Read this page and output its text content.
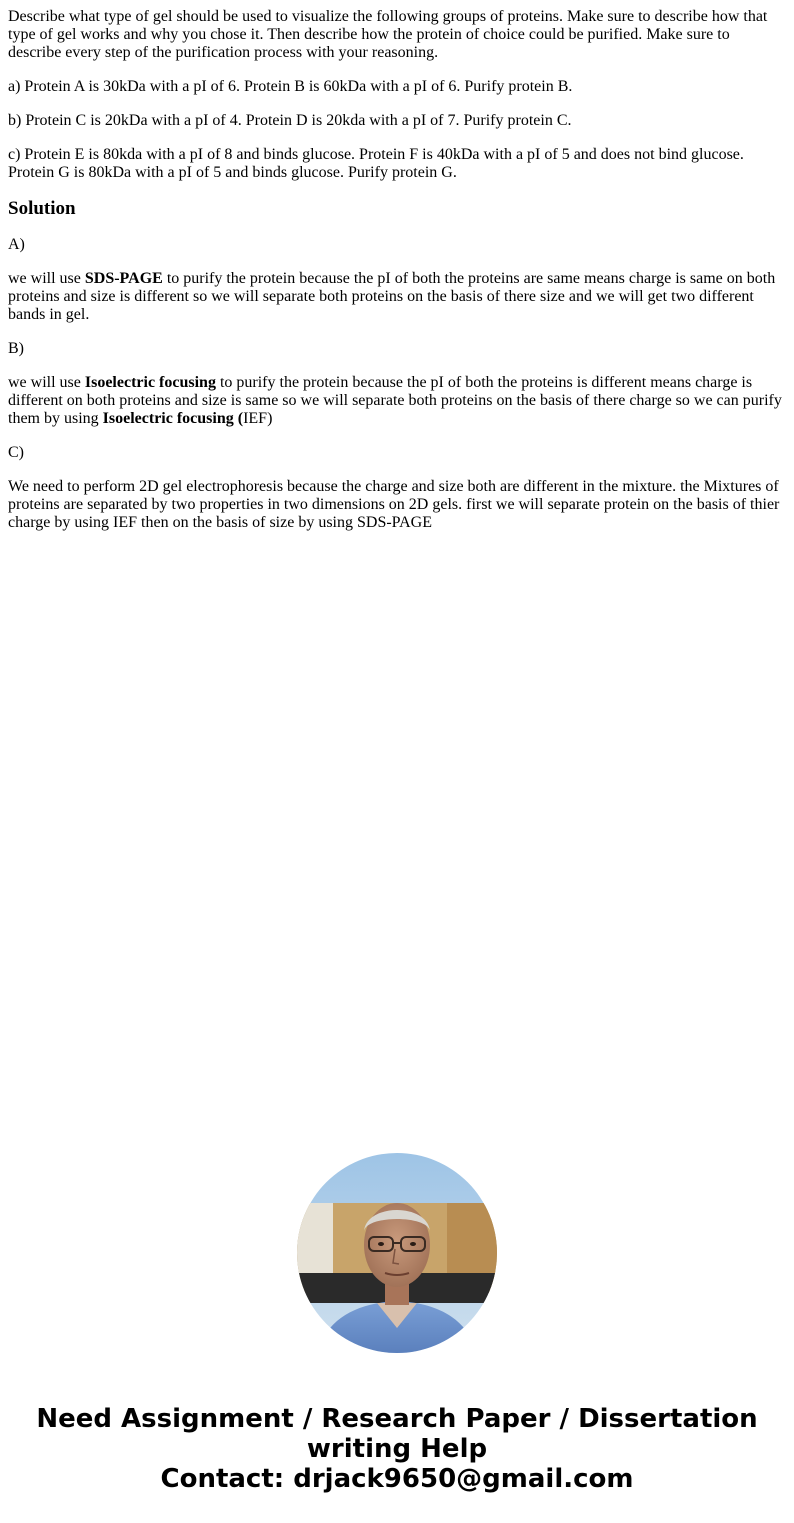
Describe what type of gel should be used to visualize the following groups of proteins. Make sure to describe how that type of gel works and why you chose it. Then describe how the protein of choice could be purified. Make sure to describe every step of the purification process with your reasoning.

a) Protein A is 30kDa with a pI of 6. Protein B is 60kDa with a pI of 6. Purify protein B.

b) Protein C is 20kDa with a pI of 4. Protein D is 20kda with a pI of 7. Purify protein C.

c) Protein E is 80kda with a pI of 8 and binds glucose. Protein F is 40kDa with a pI of 5 and does not bind glucose. Protein G is 80kDa with a pI of 5 and binds glucose. Purify protein G.

Solution

A)

we will use SDS-PAGE to purify the protein because the pI of both the proteins are same means charge is same on both proteins and size is different so we will separate both proteins on the basis of there size and we will get two different bands in gel.

B)

we will use Isoelectric focusing to purify the protein because the pI of both the proteins is different means charge is different on both proteins and size is same so we will separate both proteins on the basis of there charge so we can purify them by using Isoelectric focusing (IEF)

C)

We need to perform 2D gel electrophoresis because the charge and size both are different in the mixture. the Mixtures of proteins are separated by two properties in two dimensions on 2D gels. first we will separate protein on the basis of thier charge by using IEF then on the basis of size by using SDS-PAGE

Need Assignment / Research Paper / Dissertation
writing Help
Contact: drjack9650@gmail.com
